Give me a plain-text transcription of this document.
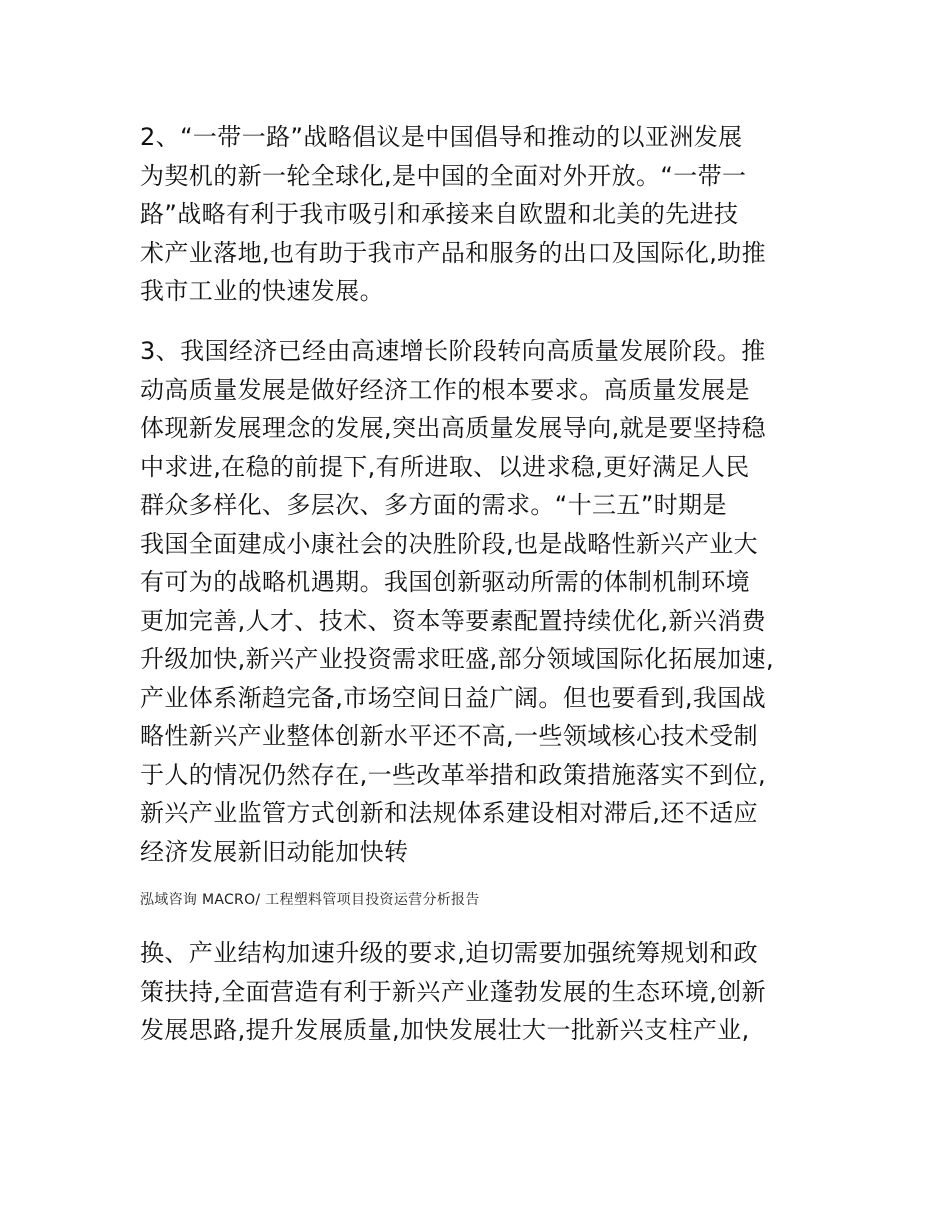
2、“一带一路”战略倡议是中国倡导和推动的以亚洲发展
为契机的新一轮全球化,是中国的全面对外开放。“一带一
路”战略有利于我市吸引和承接来自欧盟和北美的先进技
术产业落地,也有助于我市产品和服务的出口及国际化,助推
我市工业的快速发展。
3、我国经济已经由高速增长阶段转向高质量发展阶段。推
动高质量发展是做好经济工作的根本要求。高质量发展是
体现新发展理念的发展,突出高质量发展导向,就是要坚持稳
中求进,在稳的前提下,有所进取、以进求稳,更好满足人民
群众多样化、多层次、多方面的需求。“十三五”时期是
我国全面建成小康社会的决胜阶段,也是战略性新兴产业大
有可为的战略机遇期。我国创新驱动所需的体制机制环境
更加完善,人才、技术、资本等要素配置持续优化,新兴消费
升级加快,新兴产业投资需求旺盛,部分领域国际化拓展加速,
产业体系渐趋完备,市场空间日益广阔。但也要看到,我国战
略性新兴产业整体创新水平还不高,一些领域核心技术受制
于人的情况仍然存在,一些改革举措和政策措施落实不到位,
新兴产业监管方式创新和法规体系建设相对滞后,还不适应
经济发展新旧动能加快转
泓域咨询 MACRO/ 工程塑料管项目投资运营分析报告
换、产业结构加速升级的要求,迫切需要加强统筹规划和政
策扶持,全面营造有利于新兴产业蓬勃发展的生态环境,创新
发展思路,提升发展质量,加快发展壮大一批新兴支柱产业,
